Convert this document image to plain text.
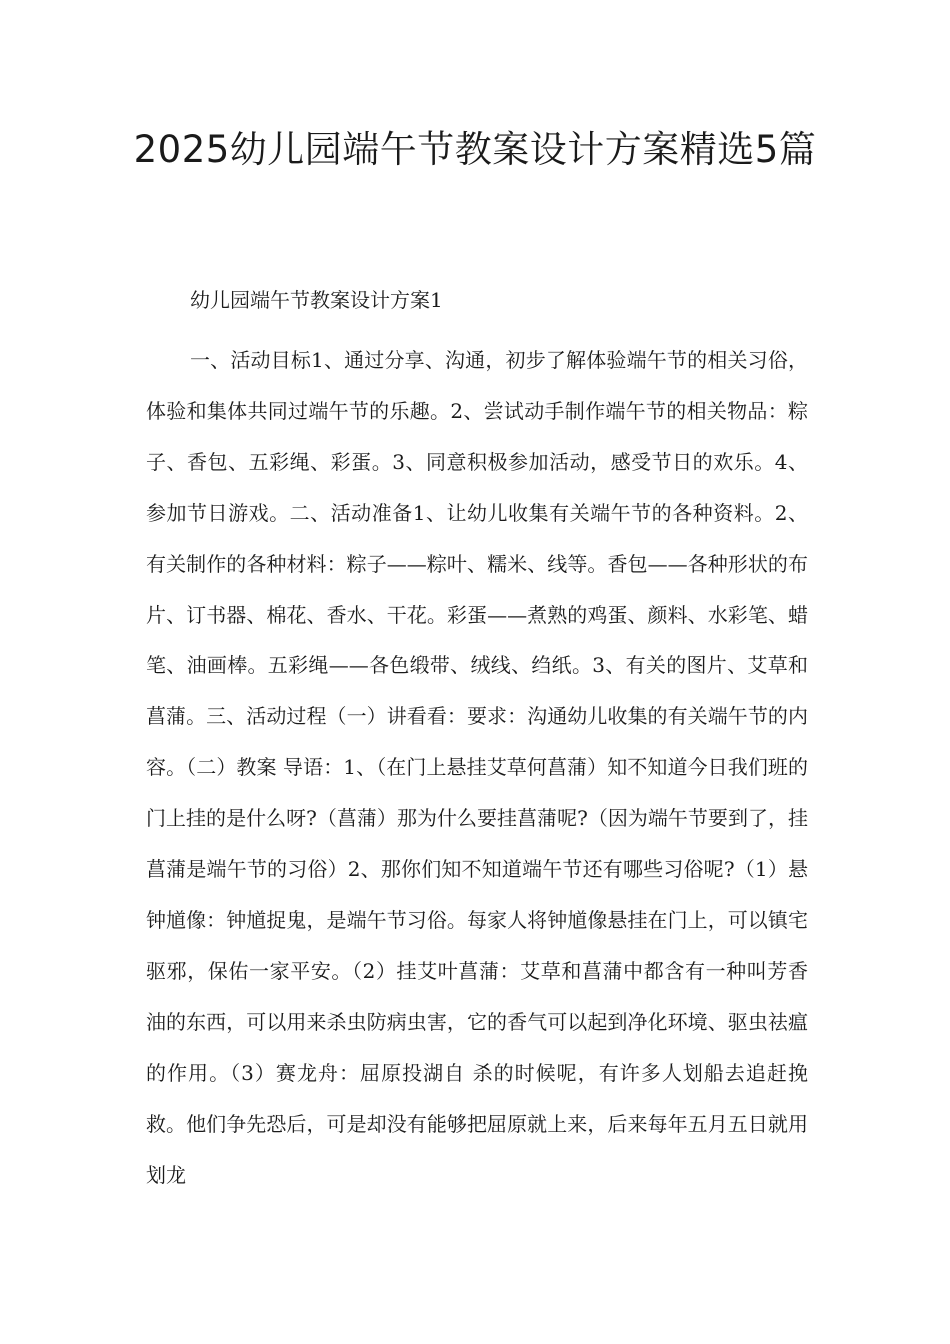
2025幼儿园端午节教案设计方案精选5篇

幼儿园端午节教案设计方案1

一、活动目标1、通过分享、沟通，初步了解体验端午节的相关习俗，体验和集体共同过端午节的乐趣。2、尝试动手制作端午节的相关物品：粽子、香包、五彩绳、彩蛋。3、同意积极参加活动，感受节日的欢乐。4、参加节日游戏。二、活动准备1、让幼儿收集有关端午节的各种资料。2、有关制作的各种材料：粽子——粽叶、糯米、线等。香包——各种形状的布片、订书器、棉花、香水、干花。彩蛋——煮熟的鸡蛋、颜料、水彩笔、蜡笔、油画棒。五彩绳——各色缎带、绒线、绉纸。3、有关的图片、艾草和菖蒲。三、活动过程（一）讲看看：要求：沟通幼儿收集的有关端午节的内容。（二）教案 导语：1、（在门上悬挂艾草何菖蒲）知不知道今日我们班的门上挂的是什么呀?（菖蒲）那为什么要挂菖蒲呢?（因为端午节要到了，挂菖蒲是端午节的习俗）2、那你们知不知道端午节还有哪些习俗呢?（1）悬钟馗像：钟馗捉鬼，是端午节习俗。每家人将钟馗像悬挂在门上，可以镇宅驱邪，保佑一家平安。（2）挂艾叶菖蒲：艾草和菖蒲中都含有一种叫芳香油的东西，可以用来杀虫防病虫害，它的香气可以起到净化环境、驱虫祛瘟的作用。（3）赛龙舟：屈原投湖自 杀的时候呢，有许多人划船去追赶挽救。他们争先恐后，可是却没有能够把屈原就上来，后来每年五月五日就用划龙
